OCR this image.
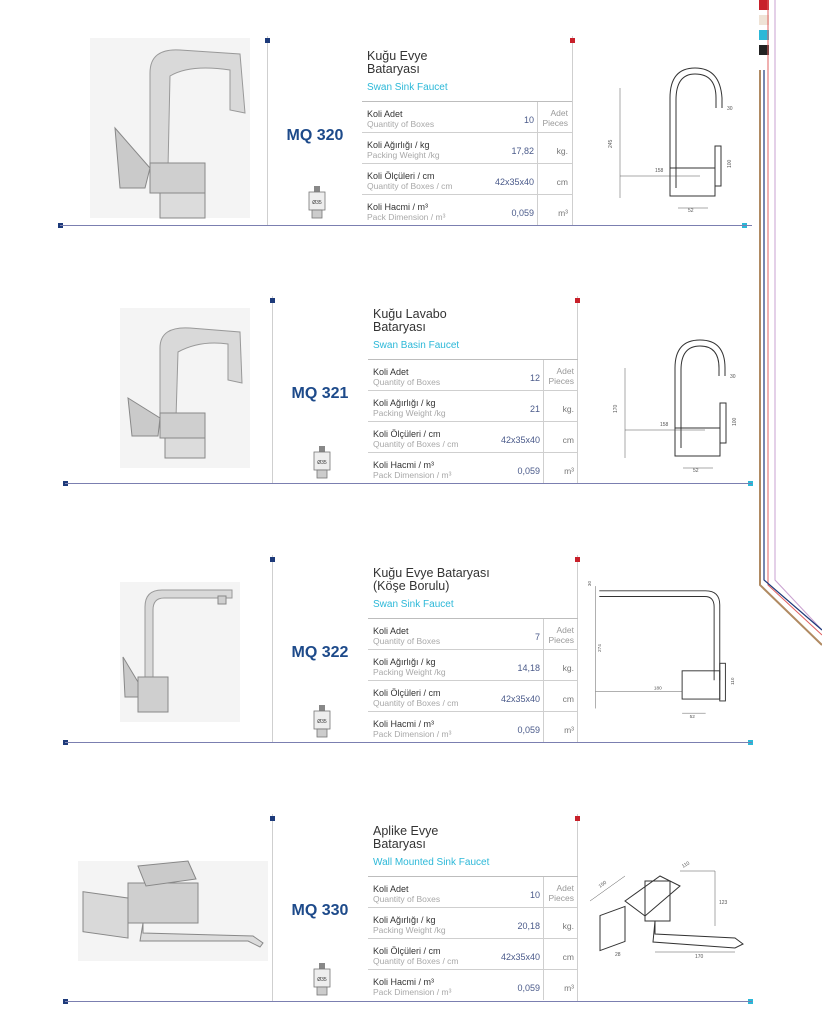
MQ 320
Ø35
Kuğu Evye
Bataryası
Swan Sink Faucet
Koli Adet
Quantity of Boxes	10
Adet
Pieces
Koli Ağırlığı / kg
Packing Weight /kg	17,82	kg.
Koli Ölçüleri / cm
Quantity of Boxes / cm	42x35x40	cm
Koli Hacmi / m³
Pack Dimension / m³	0,059	m³
30
245
158
100
52
MQ 321
Ø35
Kuğu Lavabo
Bataryası
Swan Basin Faucet
Koli Adet
Quantity of Boxes	12
Adet
Pieces
Koli Ağırlığı / kg
Packing Weight /kg	21	kg.
Koli Ölçüleri / cm
Quantity of Boxes / cm	42x35x40	cm
Koli Hacmi / m³
Pack Dimension / m³	0,059	m³
30
170
158	100
52
MQ 322
Ø35
Kuğu Evye Bataryası
(Köşe Borulu)
Swan Sink Faucet
Koli Adet
Quantity of Boxes	7
Adet
Pieces
Koli Ağırlığı / kg
Packing Weight /kg	14,18	kg.
Koli Ölçüleri / cm
Quantity of Boxes / cm	42x35x40	cm
Koli Hacmi / m³
Pack Dimension / m³	0,059	m³
30
274
180
110
52
MQ 330
Ø35
Aplike Evye
Bataryası
Wall Mounted Sink Faucet
Koli Adet
Quantity of Boxes	10
Adet
Pieces
Koli Ağırlığı / kg
Packing Weight /kg	20,18	kg.
Koli Ölçüleri / cm
Quantity of Boxes / cm	42x35x40	cm
Koli Hacmi / m³
Pack Dimension / m³	0,059	m³
150
110
123
28	170
